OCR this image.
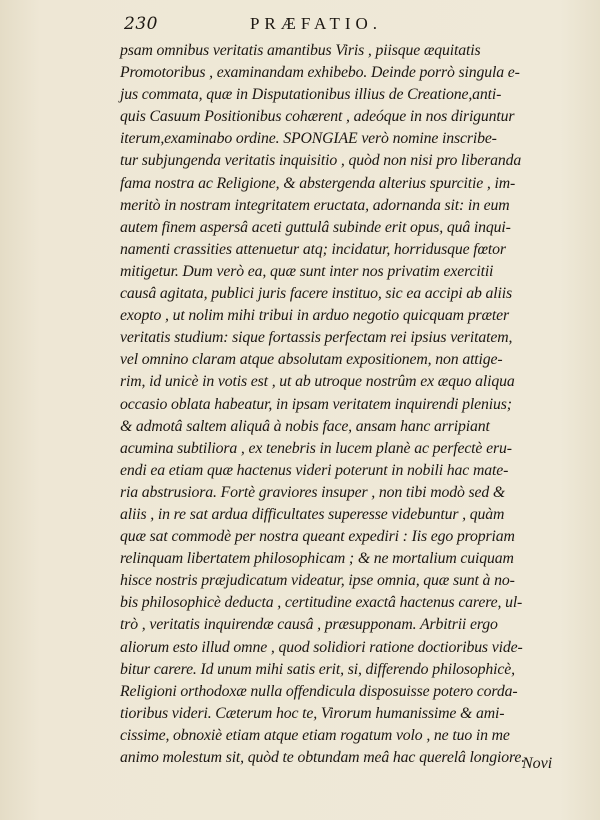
230	PRÆFATIO.
psam omnibus veritatis amantibus Viris , piisque æquitatis
Promotoribus , examinandam exhibebo. Deinde porrò singula e-
jus commata, quæ in Disputationibus illius de Creatione,anti-
quis Casuum Positionibus cohærent , adeóque in nos diriguntur
iterum,examinabo ordine. SPONGIAE verò nomine inscribe-
tur subjungenda veritatis inquisitio , quòd non nisi pro liberanda
fama nostra ac Religione, & abstergenda alterius spurcitie , im-
meritò in nostram integritatem eructata, adornanda sit: in eum
autem finem aspersâ aceti guttulâ subinde erit opus, quâ inqui-
namenti crassities attenuetur atq; incidatur, horridusque fœtor
mitigetur. Dum verò ea, quæ sunt inter nos privatim exercitii
causâ agitata, publici juris facere instituo, sic ea accipi ab aliis
exopto , ut nolim mihi tribui in arduo negotio quicquam præter
veritatis studium: sique fortassis perfectam rei ipsius veritatem,
vel omnino claram atque absolutam expositionem, non attige-
rim, id unicè in votis est , ut ab utroque nostrûm ex æquo aliqua
occasio oblata habeatur, in ipsam veritatem inquirendi plenius;
& admotâ saltem aliquâ à nobis face, ansam hanc arripiant
acumina subtiliora , ex tenebris in lucem planè ac perfectè eru-
endi ea etiam quæ hactenus videri poterunt in nobili hac mate-
ria abstrusiora. Fortè graviores insuper , non tibi modò sed &
aliis , in re sat ardua difficultates superesse videbuntur , quàm
quæ sat commodè per nostra queant expediri : Iis ego propriam
relinquam libertatem philosophicam ; & ne mortalium cuiquam
hisce nostris præjudicatum videatur, ipse omnia, quæ sunt à no-
bis philosophicè deducta , certitudine exactâ hactenus carere, ul-
trò , veritatis inquirendæ causâ , præsupponam. Arbitrii ergo
aliorum esto illud omne , quod solidiori ratione doctioribus vide-
bitur carere. Id unum mihi satis erit, si, differendo philosophicè,
Religioni orthodoxæ nulla offendicula disposuisse potero corda-
tioribus videri. Cæterum hoc te, Virorum humanissime & ami-
cissime, obnoxiè etiam atque etiam rogatum volo , ne tuo in me
animo molestum sit, quòd te obtundam meâ hac querelâ longiore.
Novi
